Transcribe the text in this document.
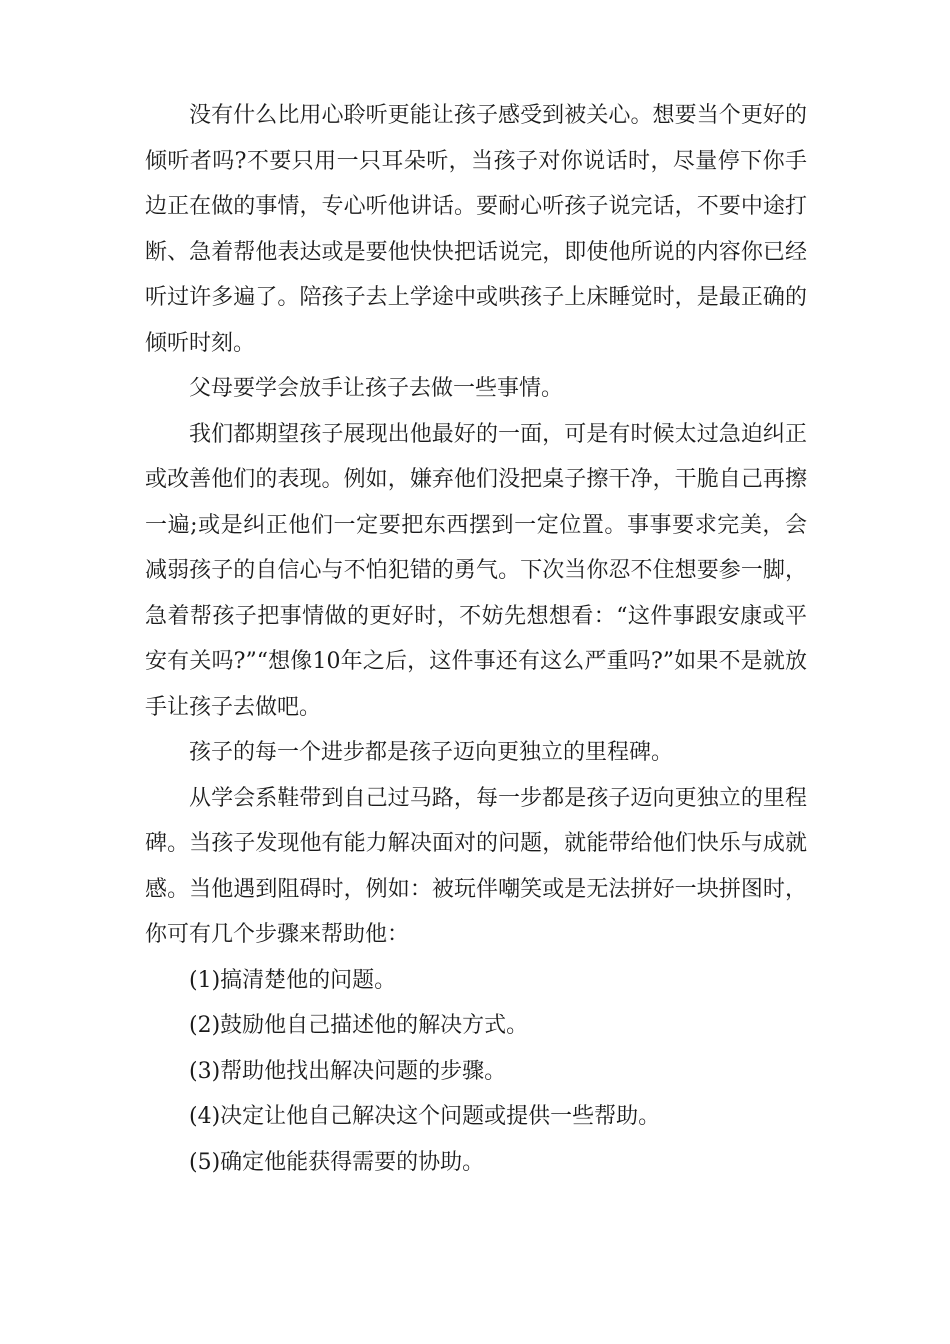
没有什么比用心聆听更能让孩子感受到被关心。想要当个更好的倾听者吗?不要只用一只耳朵听，当孩子对你说话时，尽量停下你手边正在做的事情，专心听他讲话。要耐心听孩子说完话，不要中途打断、急着帮他表达或是要他快快把话说完，即使他所说的内容你已经听过许多遍了。陪孩子去上学途中或哄孩子上床睡觉时，是最正确的倾听时刻。

父母要学会放手让孩子去做一些事情。

我们都期望孩子展现出他最好的一面，可是有时候太过急迫纠正或改善他们的表现。例如，嫌弃他们没把桌子擦干净，干脆自己再擦一遍;或是纠正他们一定要把东西摆到一定位置。事事要求完美，会减弱孩子的自信心与不怕犯错的勇气。下次当你忍不住想要参一脚，急着帮孩子把事情做的更好时，不妨先想想看：“这件事跟安康或平安有关吗?”“想像10年之后，这件事还有这么严重吗?”如果不是就放手让孩子去做吧。

孩子的每一个进步都是孩子迈向更独立的里程碑。

从学会系鞋带到自己过马路，每一步都是孩子迈向更独立的里程碑。当孩子发现他有能力解决面对的问题，就能带给他们快乐与成就感。当他遇到阻碍时，例如：被玩伴嘲笑或是无法拼好一块拼图时，你可有几个步骤来帮助他：

(1)搞清楚他的问题。

(2)鼓励他自己描述他的解决方式。

(3)帮助他找出解决问题的步骤。

(4)决定让他自己解决这个问题或提供一些帮助。

(5)确定他能获得需要的协助。
